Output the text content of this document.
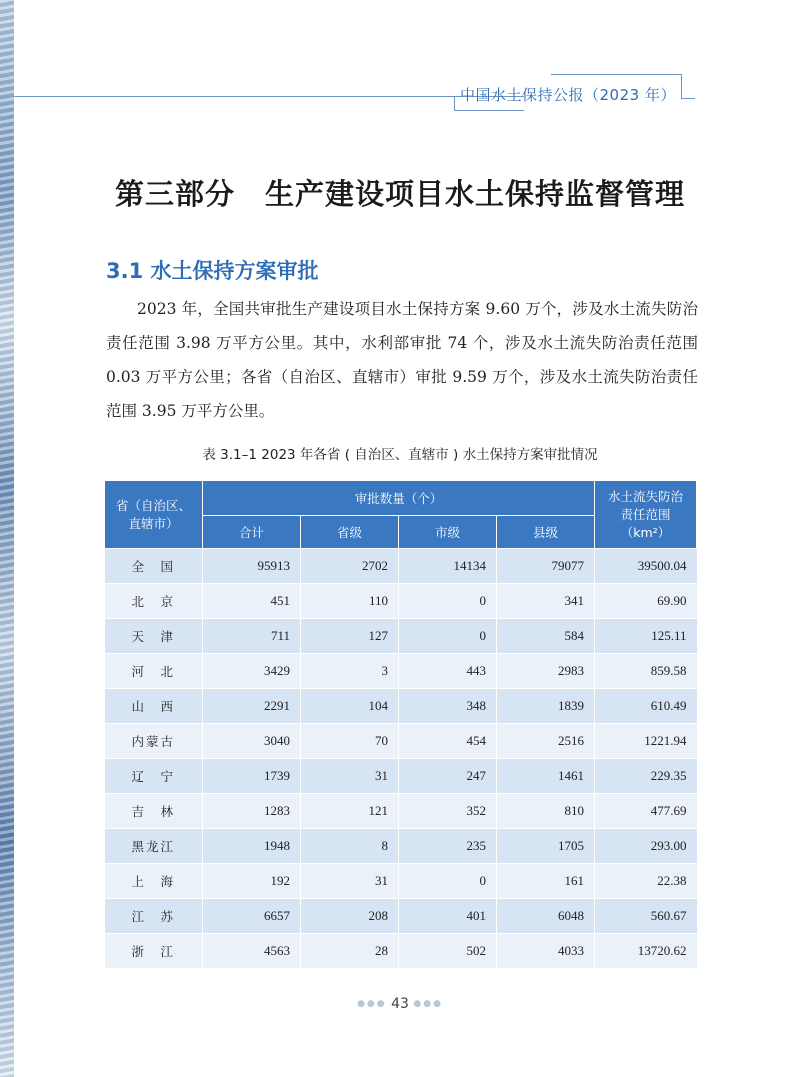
中国水土保持公报（2023 年）
第三部分 生产建设项目水土保持监督管理
3.1 水土保持方案审批

2023 年，全国共审批生产建设项目水土保持方案 9.60 万个，涉及水土流失防治责任范围 3.98 万平方公里。其中，水利部审批 74 个，涉及水土流失防治责任范围 0.03 万平方公里；各省（自治区、直辖市）审批 9.59 万个，涉及水土流失防治责任范围 3.95 万平方公里。

表 3.1–1 2023 年各省 ( 自治区、直辖市 ) 水土保持方案审批情况
省（自治区、直辖市）	审批数量（个）				水土流失防治责任范围
（km²）
	合计	省级	市级	县级	
全　国	95913	2702	14134	79077	39500.04
北　京	451	110	0	341	69.90
天　津	711	127	0	584	125.11
河　北	3429	3	443	2983	859.58
山　西	2291	104	348	1839	610.49
内蒙古	3040	70	454	2516	1221.94
辽　宁	1739	31	247	1461	229.35
吉　林	1283	121	352	810	477.69
黑龙江	1948	8	235	1705	293.00
上　海	192	31	0	161	22.38
江　苏	6657	208	401	6048	560.67
浙　江	4563	28	502	4033	13720.62
●●● 43 ●●●
